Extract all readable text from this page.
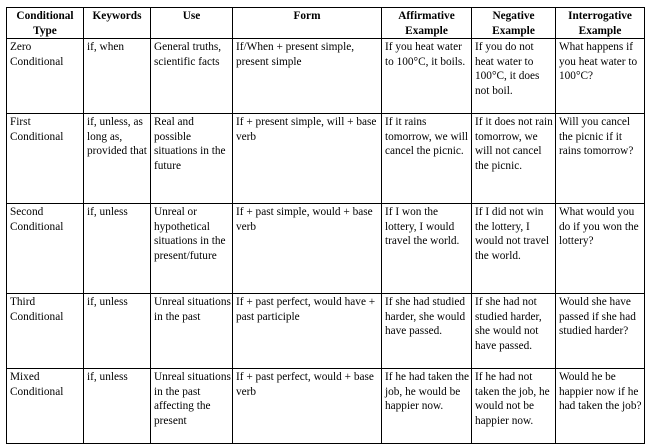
Conditional Type	Keywords	Use	Form	Affirmative Example	Negative Example	Interrogative Example
Zero Conditional	if, when	General truths, scientific facts	If/When + present simple, present simple	If you heat water to 100°C, it boils.	If you do not heat water to 100°C, it does not boil.	What happens if you heat water to 100°C?
First Conditional	if, unless, as long as, provided that	Real and possible situations in the future	If + present simple, will + base verb	If it rains tomorrow, we will cancel the picnic.	If it does not rain tomorrow, we will not cancel the picnic.	Will you cancel the picnic if it rains tomorrow?
Second Conditional	if, unless	Unreal or hypothetical situations in the present/future	If + past simple, would + base verb	If I won the lottery, I would travel the world.	If I did not win the lottery, I would not travel the world.	What would you do if you won the lottery?
Third Conditional	if, unless	Unreal situations in the past	If + past perfect, would have + past participle	If she had studied harder, she would have passed.	If she had not studied harder, she would not have passed.	Would she have passed if she had studied harder?
Mixed Conditional	if, unless	Unreal situations in the past affecting the present	If + past perfect, would + base verb	If he had taken the job, he would be happier now.	If he had not taken the job, he would not be happier now.	Would he be happier now if he had taken the job?
